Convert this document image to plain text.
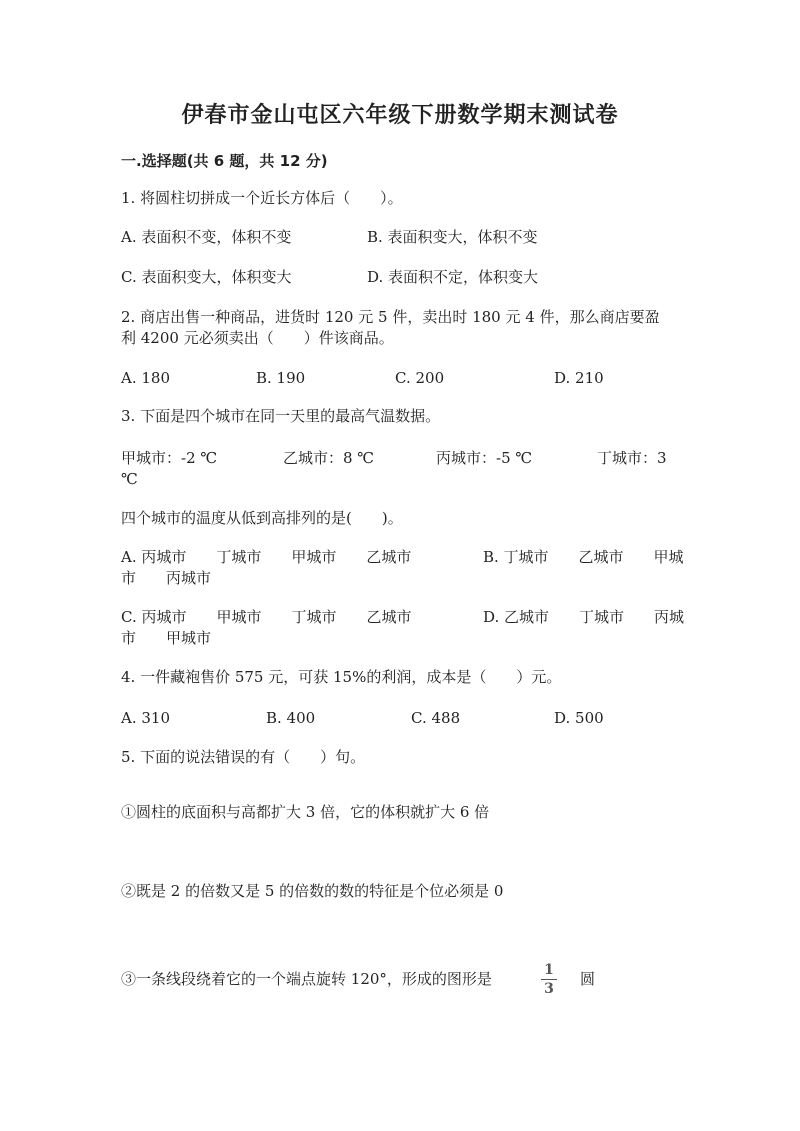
伊春市金山屯区六年级下册数学期末测试卷
一.选择题(共 6 题，共 12 分)
1. 将圆柱切拼成一个近长方体后（　　）。
A. 表面积不变，体积不变	B. 表面积变大，体积不变
C. 表面积变大，体积变大	D. 表面积不定，体积变大
2. 商店出售一种商品，进货时 120 元 5 件，卖出时 180 元 4 件，那么商店要盈
利 4200 元必须卖出（　　）件该商品。
A. 180	B. 190	C. 200	D. 210
3. 下面是四个城市在同一天里的最高气温数据。
甲城市：-2 ℃	乙城市：8 ℃	丙城市：-5 ℃	丁城市：3
℃
四个城市的温度从低到高排列的是(　　)。
A. 丙城市　　丁城市　　甲城市　　乙城市	B. 丁城市　　乙城市　　甲城
市　　丙城市
C. 丙城市　　甲城市　　丁城市　　乙城市	D. 乙城市　　丁城市　　丙城
市　　甲城市
4. 一件藏袍售价 575 元，可获 15%的利润，成本是（　　）元。
A. 310	B. 400	C. 488	D. 500
5. 下面的说法错误的有（　　）句。
①圆柱的底面积与高都扩大 3 倍，它的体积就扩大 6 倍
②既是 2 的倍数又是 5 的倍数的数的特征是个位必须是 0
③一条线段绕着它的一个端点旋转 120°，形成的图形是	1
3
圆
